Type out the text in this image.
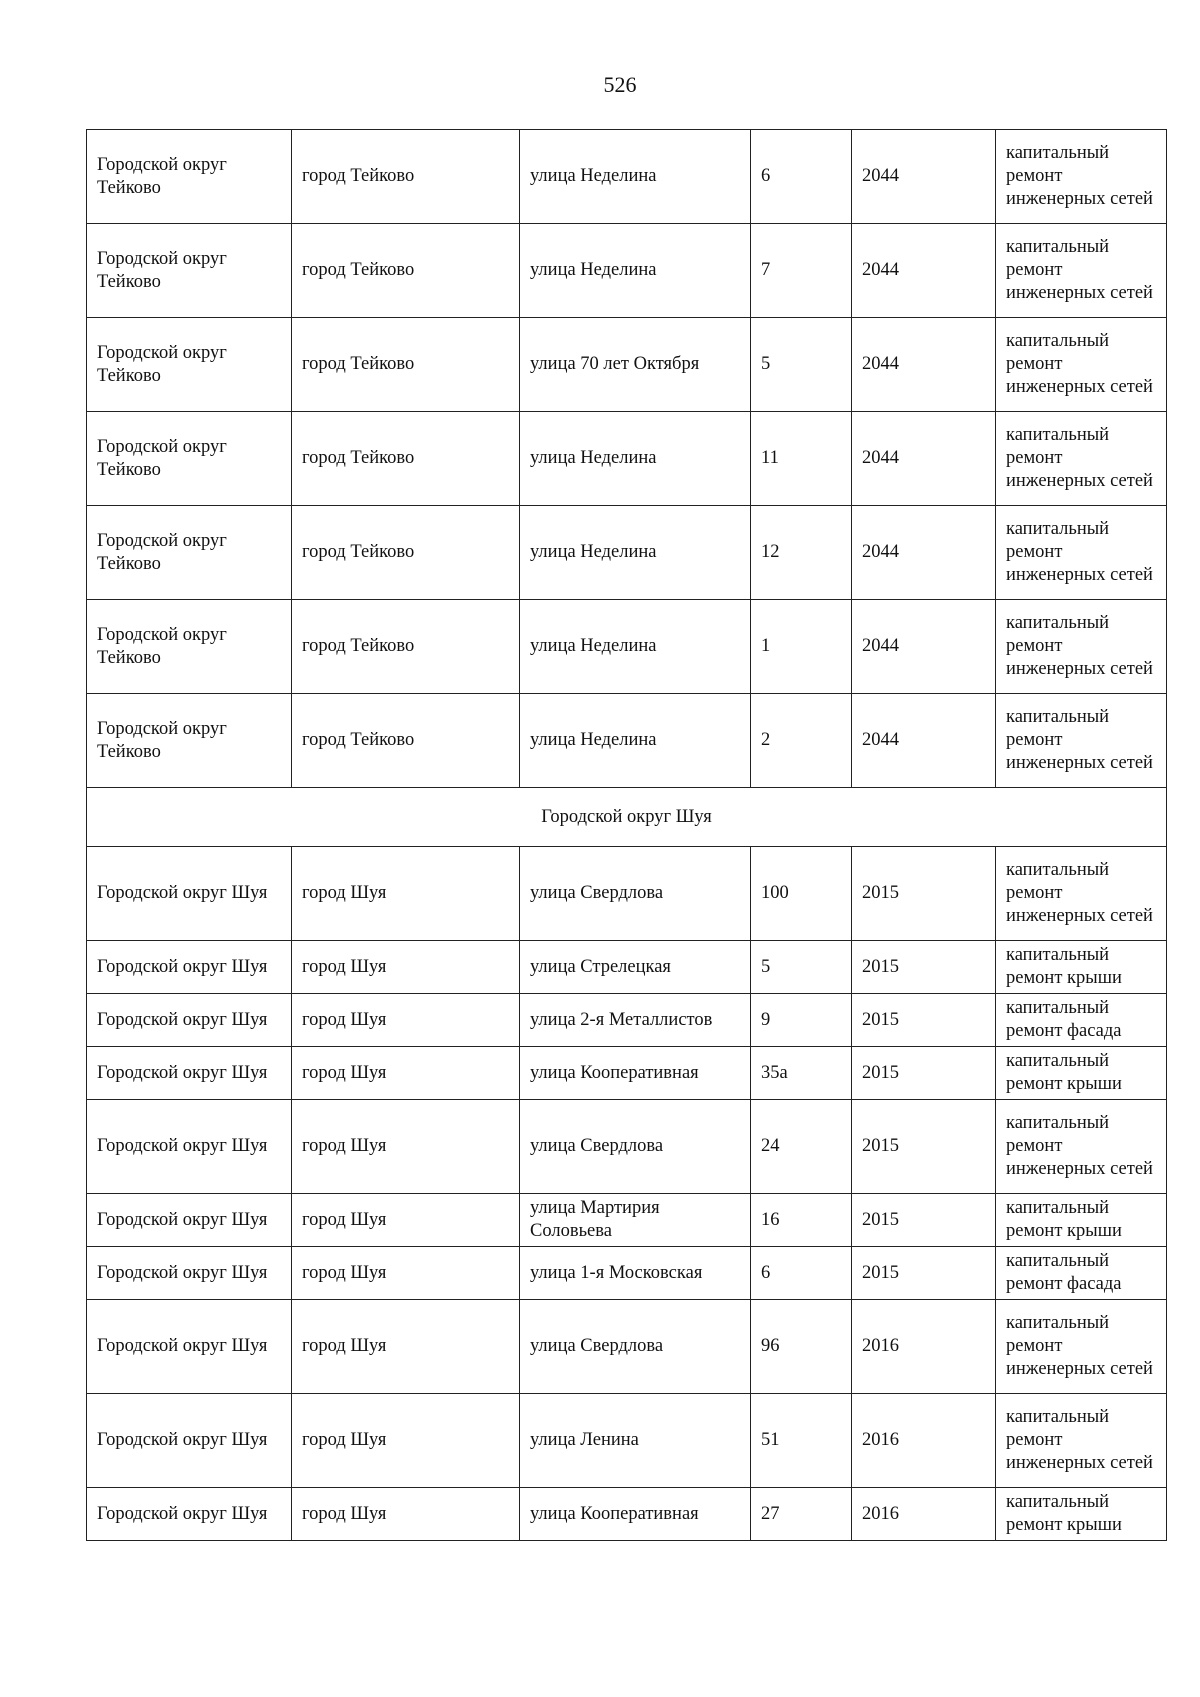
526
Городской округ Тейково	город Тейково	улица Неделина	6	2044	капитальный ремонт инженерных сетей
Городской округ Тейково	город Тейково	улица Неделина	7	2044	капитальный ремонт инженерных сетей
Городской округ Тейково	город Тейково	улица 70 лет Октября	5	2044	капитальный ремонт инженерных сетей
Городской округ Тейково	город Тейково	улица Неделина	11	2044	капитальный ремонт инженерных сетей
Городской округ Тейково	город Тейково	улица Неделина	12	2044	капитальный ремонт инженерных сетей
Городской округ Тейково	город Тейково	улица Неделина	1	2044	капитальный ремонт инженерных сетей
Городской округ Тейково	город Тейково	улица Неделина	2	2044	капитальный ремонт инженерных сетей
Городской округ Шуя					
Городской округ Шуя	город Шуя	улица Свердлова	100	2015	капитальный ремонт инженерных сетей
Городской округ Шуя	город Шуя	улица Стрелецкая	5	2015	капитальный ремонт крыши
Городской округ Шуя	город Шуя	улица 2-я Металлистов	9	2015	капитальный ремонт фасада
Городской округ Шуя	город Шуя	улица Кооперативная	35а	2015	капитальный ремонт крыши
Городской округ Шуя	город Шуя	улица Свердлова	24	2015	капитальный ремонт инженерных сетей
Городской округ Шуя	город Шуя	улица Мартирия Соловьева	16	2015	капитальный ремонт крыши
Городской округ Шуя	город Шуя	улица 1-я Московская	6	2015	капитальный ремонт фасада
Городской округ Шуя	город Шуя	улица Свердлова	96	2016	капитальный ремонт инженерных сетей
Городской округ Шуя	город Шуя	улица Ленина	51	2016	капитальный ремонт инженерных сетей
Городской округ Шуя	город Шуя	улица Кооперативная	27	2016	капитальный ремонт крыши
